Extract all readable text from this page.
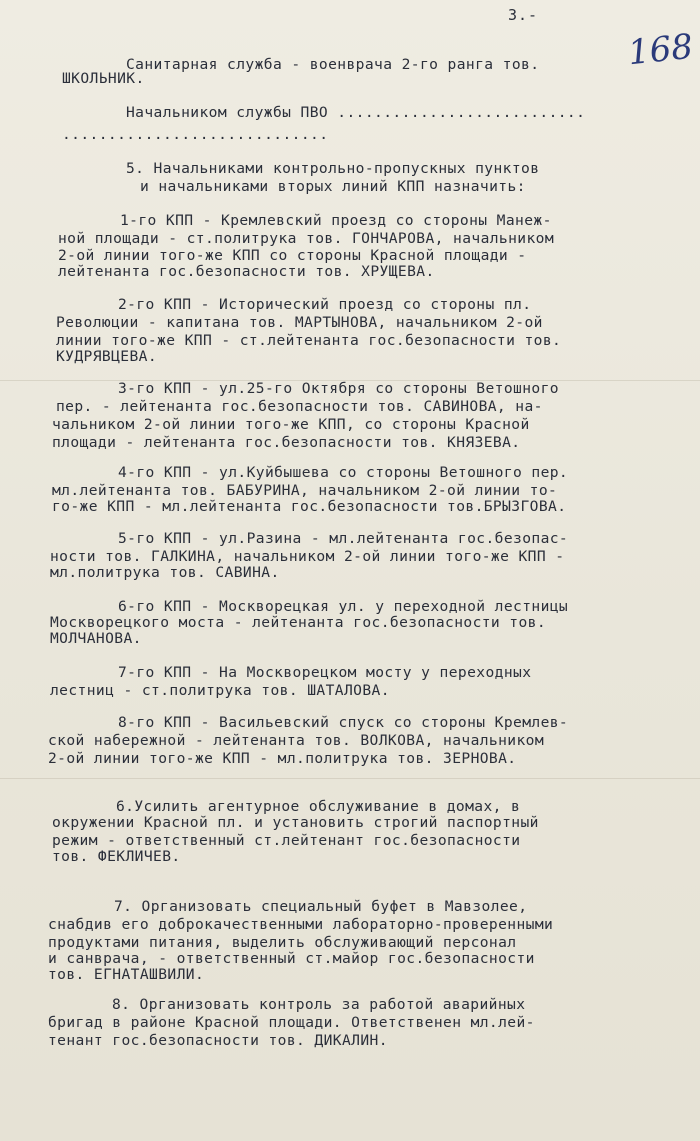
3.-
168
Санитарная служба - военврача 2-го ранга тов.
ШКОЛЬНИК.
Начальником службы ПВО ...........................
.............................
5. Начальниками контрольно-пропускных пунктов
и начальниками вторых линий КПП назначить:
1-го КПП - Кремлевский проезд со стороны Манеж-
ной площади - ст.политрука тов. ГОНЧАРОВА, начальником
2-ой линии того-же КПП со стороны Красной площади -
лейтенанта гос.безопасности тов. ХРУЩЕВА.
2-го КПП - Исторический проезд со стороны пл.
Революции - капитана тов. МАРТЫНОВА, начальником 2-ой
линии того-же КПП - ст.лейтенанта гос.безопасности тов.
КУДРЯВЦЕВА.
3-го КПП - ул.25-го Октября со стороны Ветошного
пер. - лейтенанта гос.безопасности тов. САВИНОВА, на-
чальником 2-ой линии того-же КПП, со стороны Красной
площади - лейтенанта гос.безопасности тов. КНЯЗЕВА.
4-го КПП - ул.Куйбышева со стороны Ветошного пер.
мл.лейтенанта тов. БАБУРИНА, начальником 2-ой линии то-
го-же КПП - мл.лейтенанта гос.безопасности тов.БРЫЗГОВА.
5-го КПП - ул.Разина - мл.лейтенанта гос.безопас-
ности тов. ГАЛКИНА, начальником 2-ой линии того-же КПП -
мл.политрука тов. САВИНА.
6-го КПП - Москворецкая ул. у переходной лестницы
Москворецкого моста - лейтенанта гос.безопасности тов.
МОЛЧАНОВА.
7-го КПП - На Москворецком мосту у переходных
лестниц - ст.политрука тов. ШАТАЛОВА.
8-го КПП - Васильевский спуск со стороны Кремлев-
ской набережной - лейтенанта тов. ВОЛКОВА, начальником
2-ой линии того-же КПП - мл.политрука тов. ЗЕРНОВА.
6.Усилить агентурное обслуживание в домах, в
окружении Красной пл. и установить строгий паспортный
режим - ответственный ст.лейтенант гос.безопасности
тов. ФЕКЛИЧЕВ.
7. Организовать специальный буфет в Мавзолее,
снабдив его доброкачественными лабораторно-проверенными
продуктами питания, выделить обслуживающий персонал
и санврача, - ответственный ст.майор гос.безопасности
тов. ЕГНАТАШВИЛИ.
8. Организовать контроль за работой аварийных
бригад в районе Красной площади. Ответственен мл.лей-
тенант гос.безопасности тов. ДИКАЛИН.
